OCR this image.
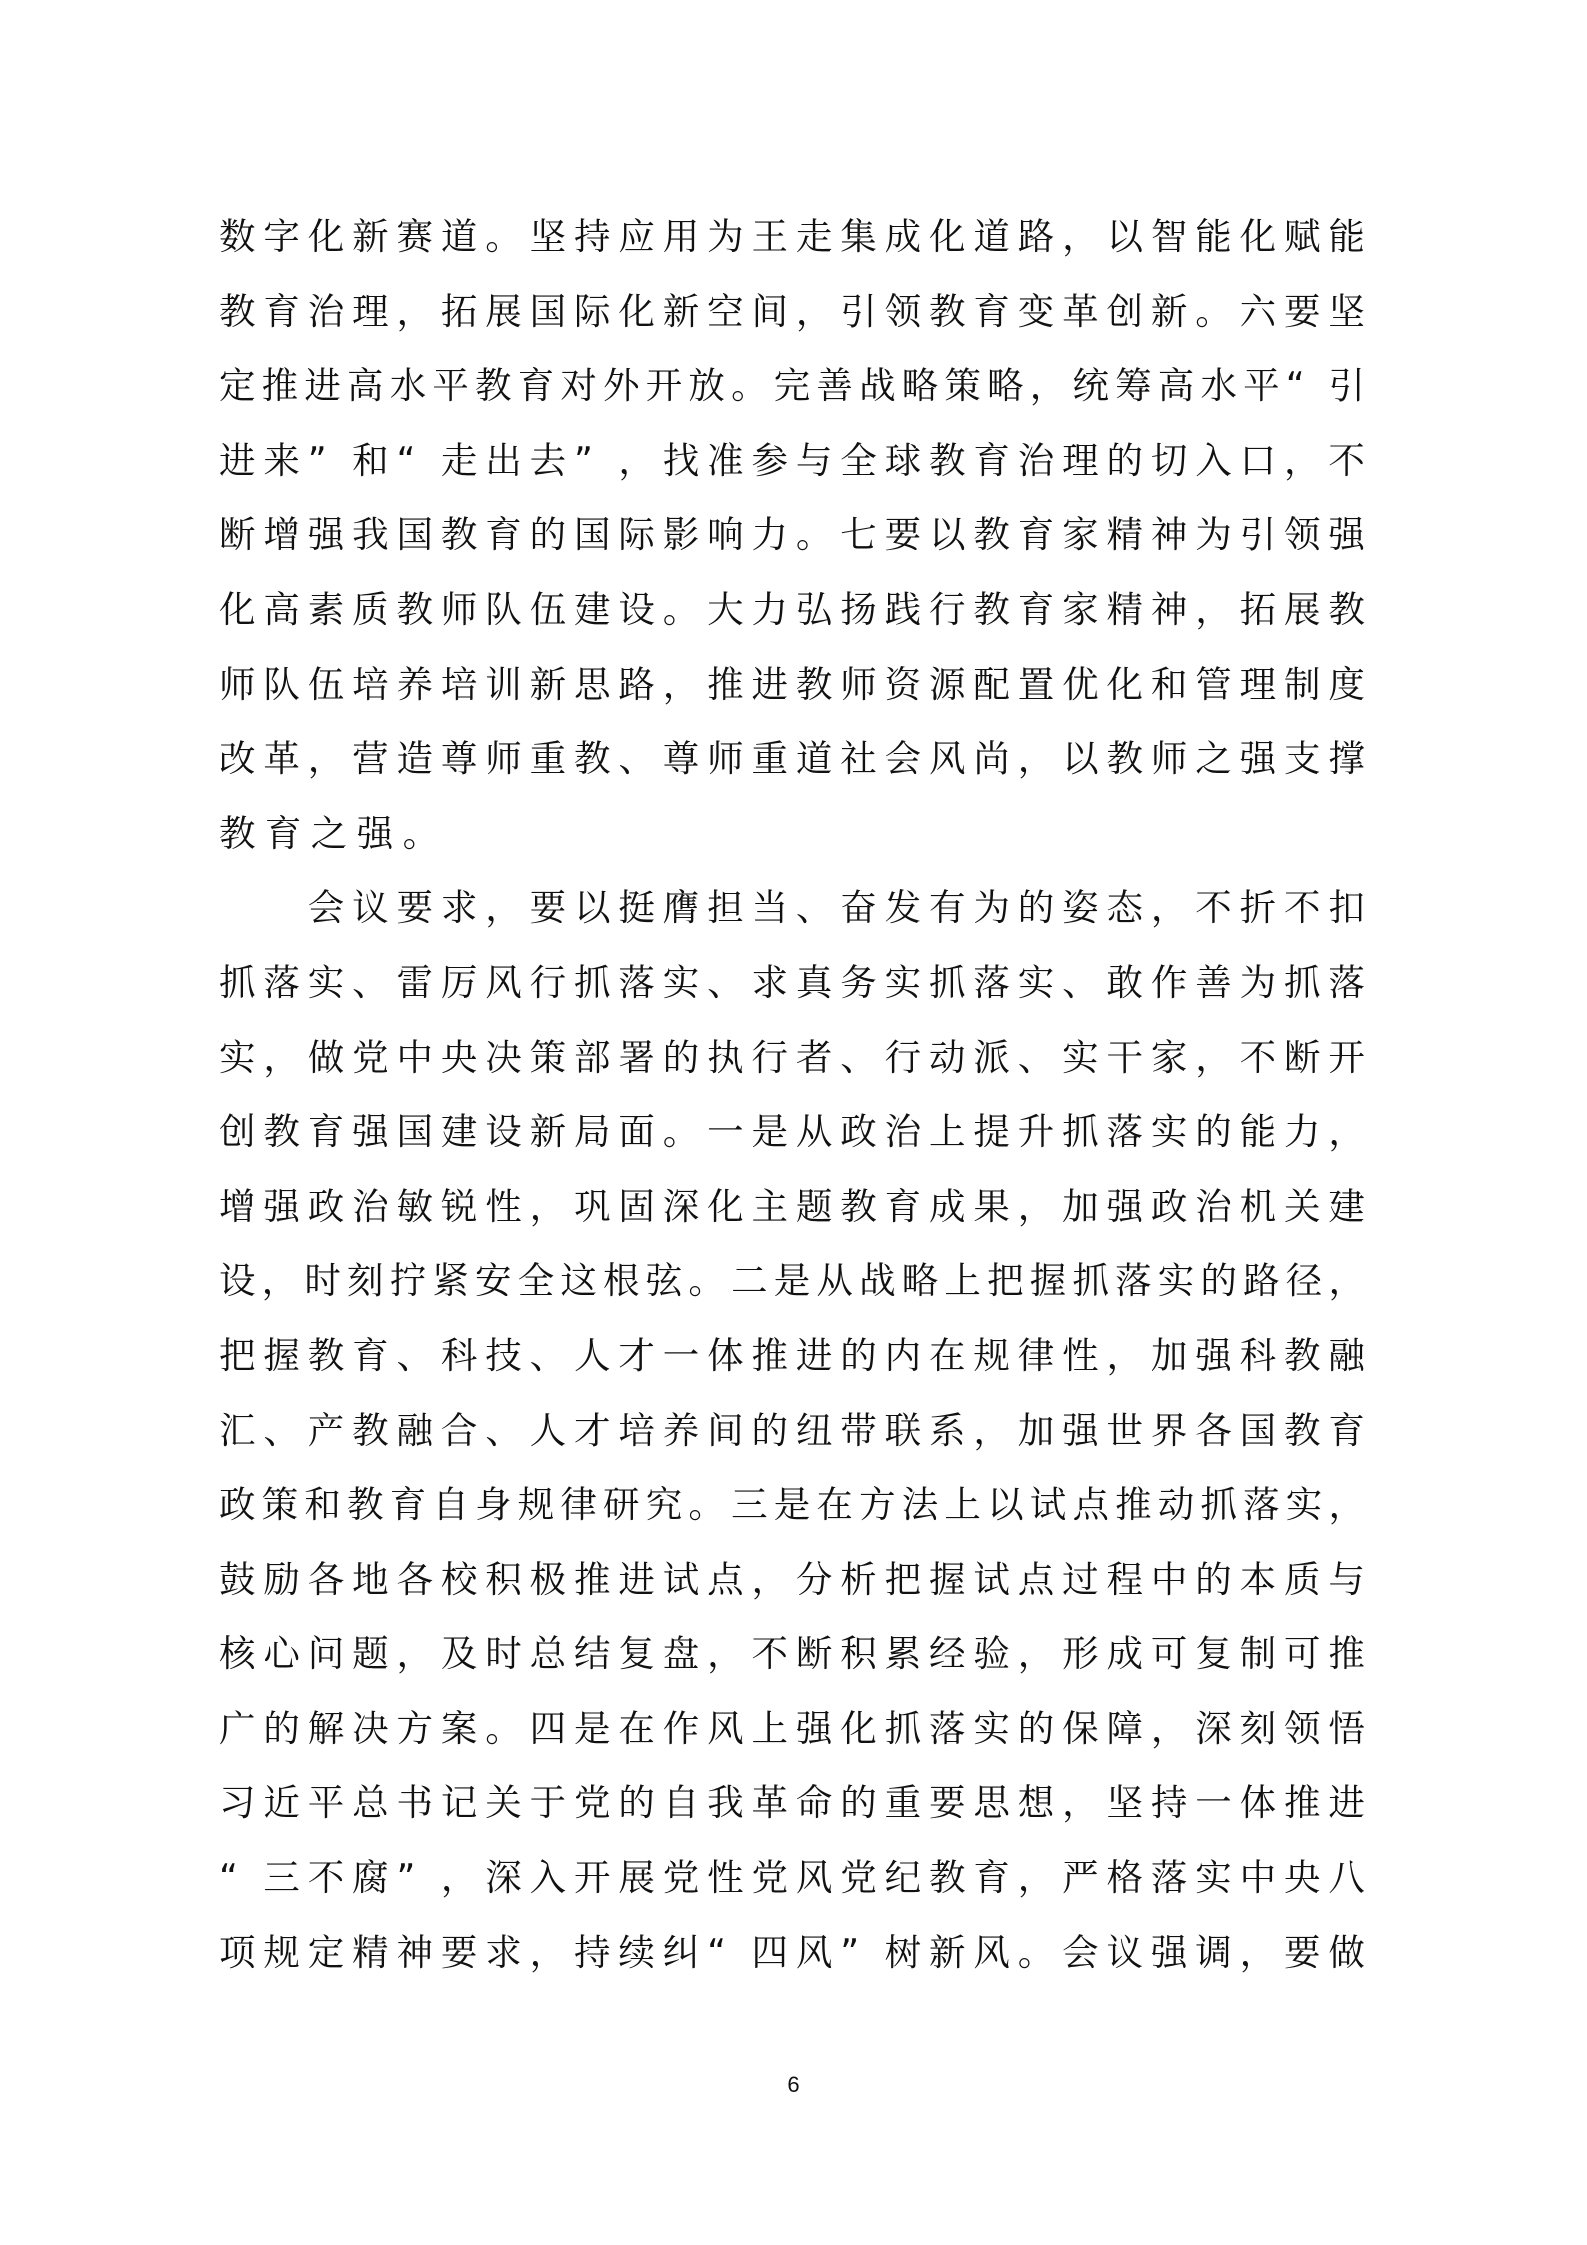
数 字 化 新 赛 道 。 坚 持 应 用 为 王 走 集 成 化 道 路 ， 以 智 能 化 赋 能
教 育 治 理 ， 拓 展 国 际 化 新 空 间 ， 引 领 教 育 变 革 创 新 。 六 要 坚
定 推 进 高 水 平 教 育 对 外 开 放 。 完 善 战 略 策 略 ， 统 筹 高 水 平 “ 引
进 来 ” 和 “ 走 出 去 ” ， 找 准 参 与 全 球 教 育 治 理 的 切 入 口 ， 不
断 增 强 我 国 教 育 的 国 际 影 响 力 。 七 要 以 教 育 家 精 神 为 引 领 强
化 高 素 质 教 师 队 伍 建 设 。 大 力 弘 扬 践 行 教 育 家 精 神 ， 拓 展 教
师 队 伍 培 养 培 训 新 思 路 ， 推 进 教 师 资 源 配 置 优 化 和 管 理 制 度
改 革 ， 营 造 尊 师 重 教 、 尊 师 重 道 社 会 风 尚 ， 以 教 师 之 强 支 撑
教育之强。

会 议 要 求 ， 要 以 挺 膺 担 当 、 奋 发 有 为 的 姿 态 ， 不 折 不 扣
抓 落 实 、 雷 厉 风 行 抓 落 实 、 求 真 务 实 抓 落 实 、 敢 作 善 为 抓 落
实 ， 做 党 中 央 决 策 部 署 的 执 行 者 、 行 动 派 、 实 干 家 ， 不 断 开
创 教 育 强 国 建 设 新 局 面 。 一 是 从 政 治 上 提 升 抓 落 实 的 能 力 ，
增 强 政 治 敏 锐 性 ， 巩 固 深 化 主 题 教 育 成 果 ， 加 强 政 治 机 关 建
设 ， 时 刻 拧 紧 安 全 这 根 弦 。 二 是 从 战 略 上 把 握 抓 落 实 的 路 径 ，
把 握 教 育 、 科 技 、 人 才 一 体 推 进 的 内 在 规 律 性 ， 加 强 科 教 融
汇 、 产 教 融 合 、 人 才 培 养 间 的 纽 带 联 系 ， 加 强 世 界 各 国 教 育
政 策 和 教 育 自 身 规 律 研 究 。 三 是 在 方 法 上 以 试 点 推 动 抓 落 实 ，
鼓 励 各 地 各 校 积 极 推 进 试 点 ， 分 析 把 握 试 点 过 程 中 的 本 质 与
核 心 问 题 ， 及 时 总 结 复 盘 ， 不 断 积 累 经 验 ， 形 成 可 复 制 可 推
广 的 解 决 方 案 。 四 是 在 作 风 上 强 化 抓 落 实 的 保 障 ， 深 刻 领 悟
习 近 平 总 书 记 关 于 党 的 自 我 革 命 的 重 要 思 想 ， 坚 持 一 体 推 进
“ 三 不 腐 ” ， 深 入 开 展 党 性 党 风 党 纪 教 育 ， 严 格 落 实 中 央 八
项 规 定 精 神 要 求 ， 持 续 纠 “ 四 风 ” 树 新 风 。 会 议 强 调 ， 要 做
6
